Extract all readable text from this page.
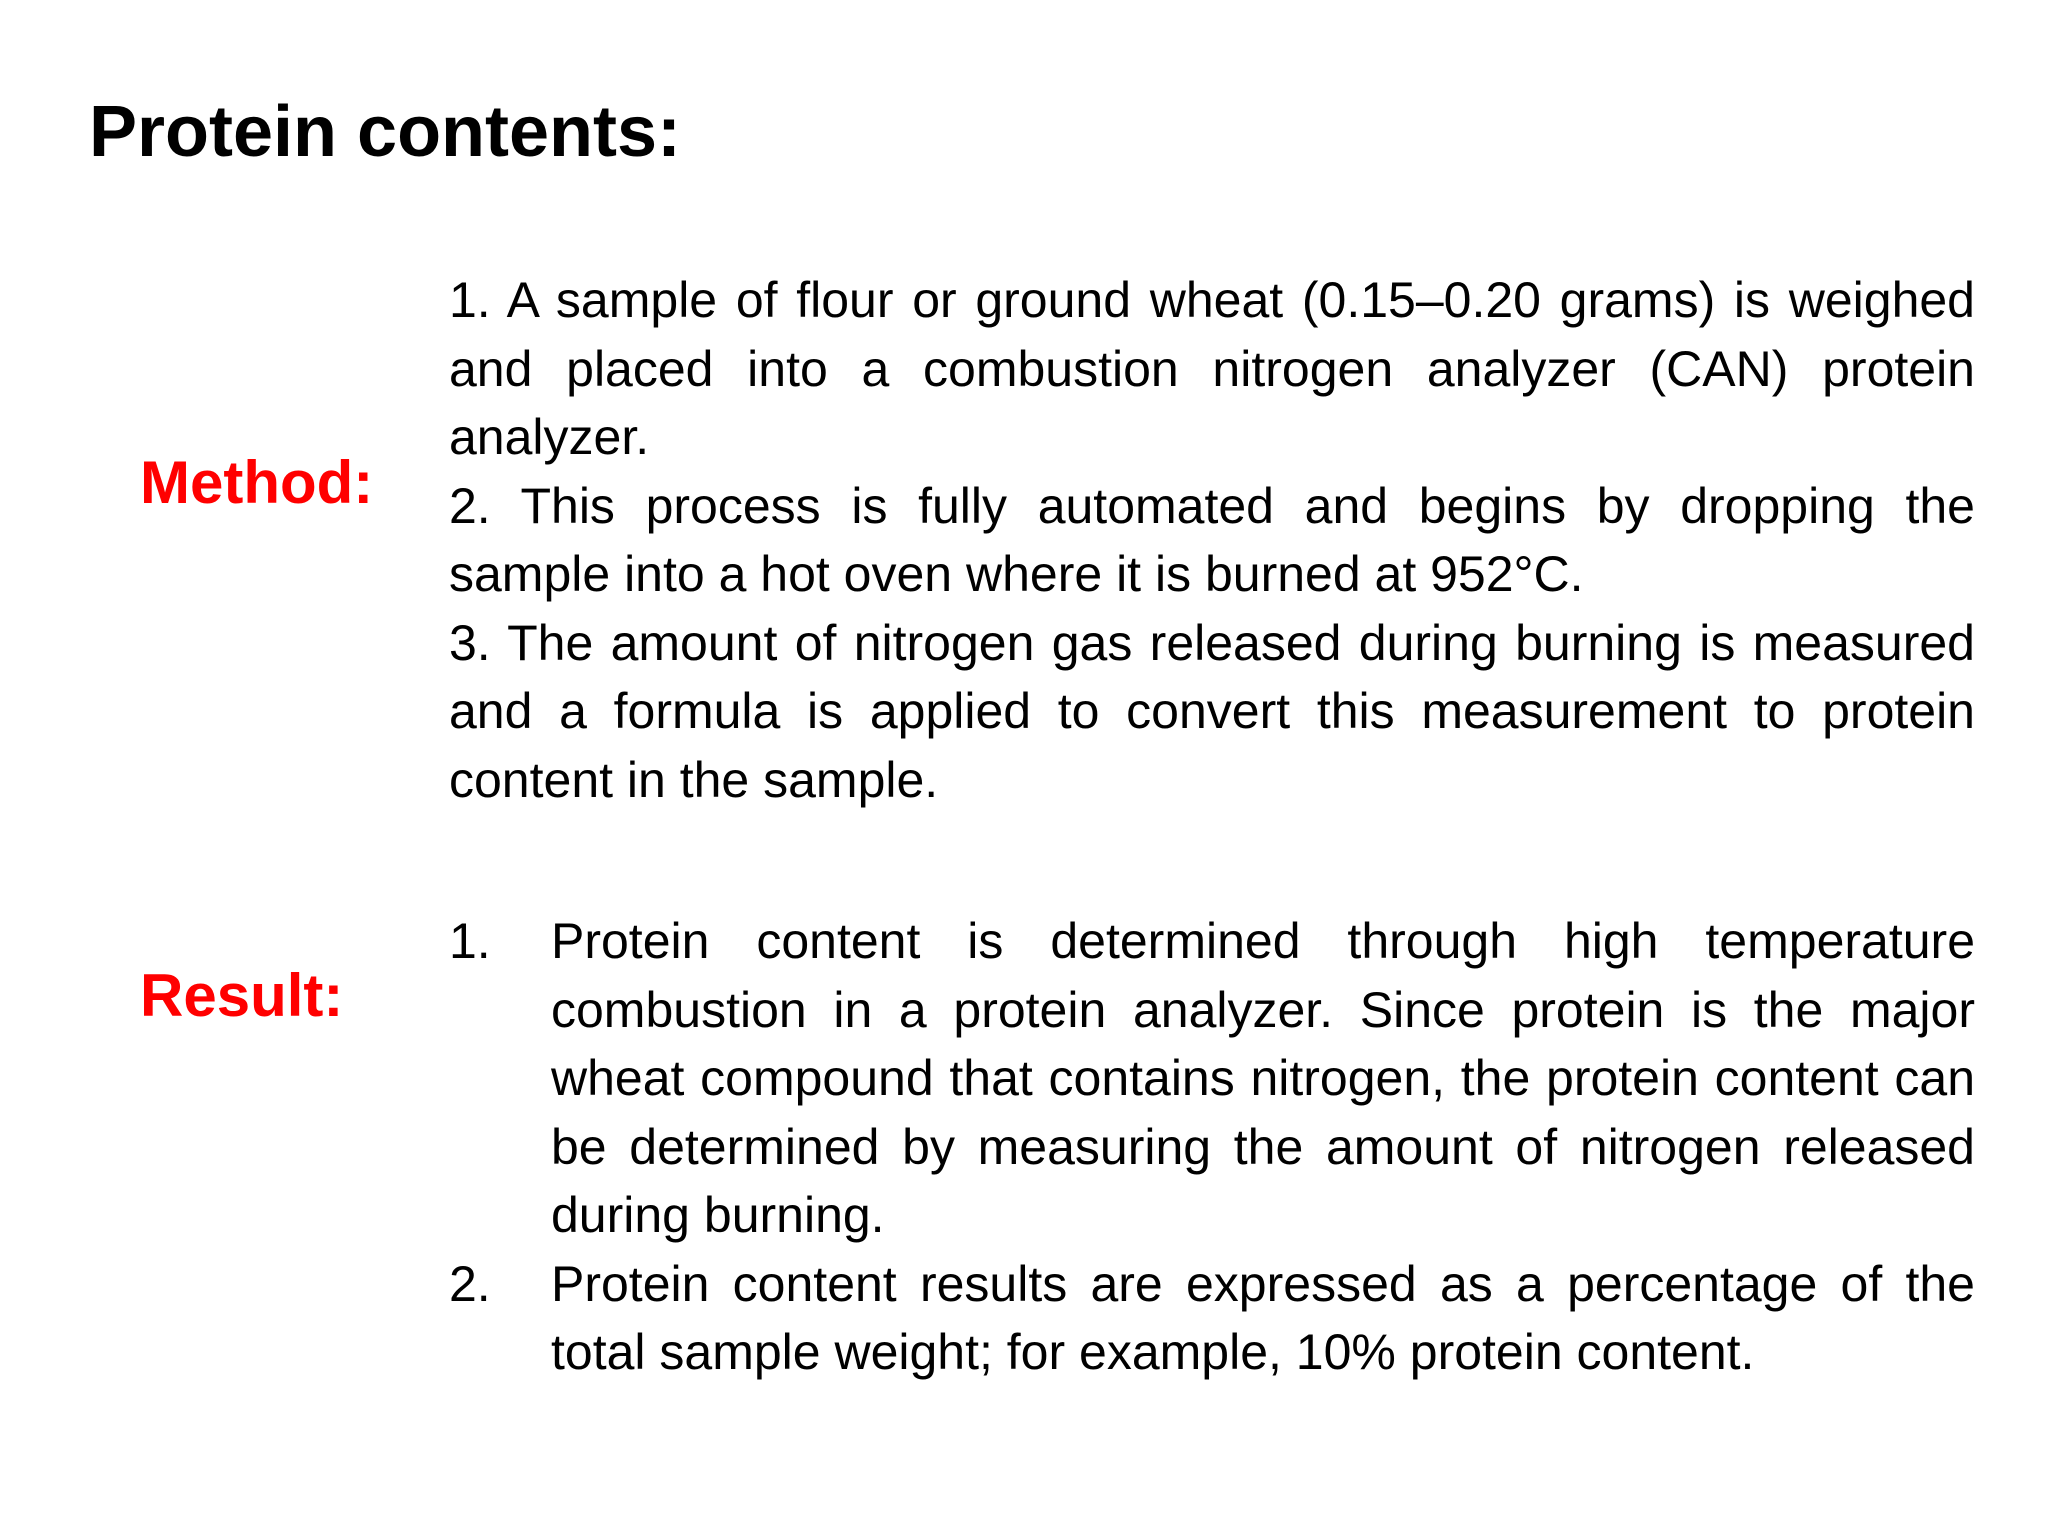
Protein contents:
Method:

1. A sample of flour or ground wheat (0.15–0.20 grams) is weighed and placed into a combustion nitrogen analyzer (CAN) protein analyzer.

2. This process is fully automated and begins by dropping the sample into a hot oven where it is burned at 952°C.

3. The amount of nitrogen gas released during burning is measured and a formula is applied to convert this measurement to protein content in the sample.

Result:
1.	Protein content is determined through high temperature combustion in a protein analyzer. Since protein is the major wheat compound that contains nitrogen, the protein content can be determined by measuring the amount of nitrogen released during burning.
2.	Protein content results are expressed as a percentage of the total sample weight; for example, 10% protein content.
